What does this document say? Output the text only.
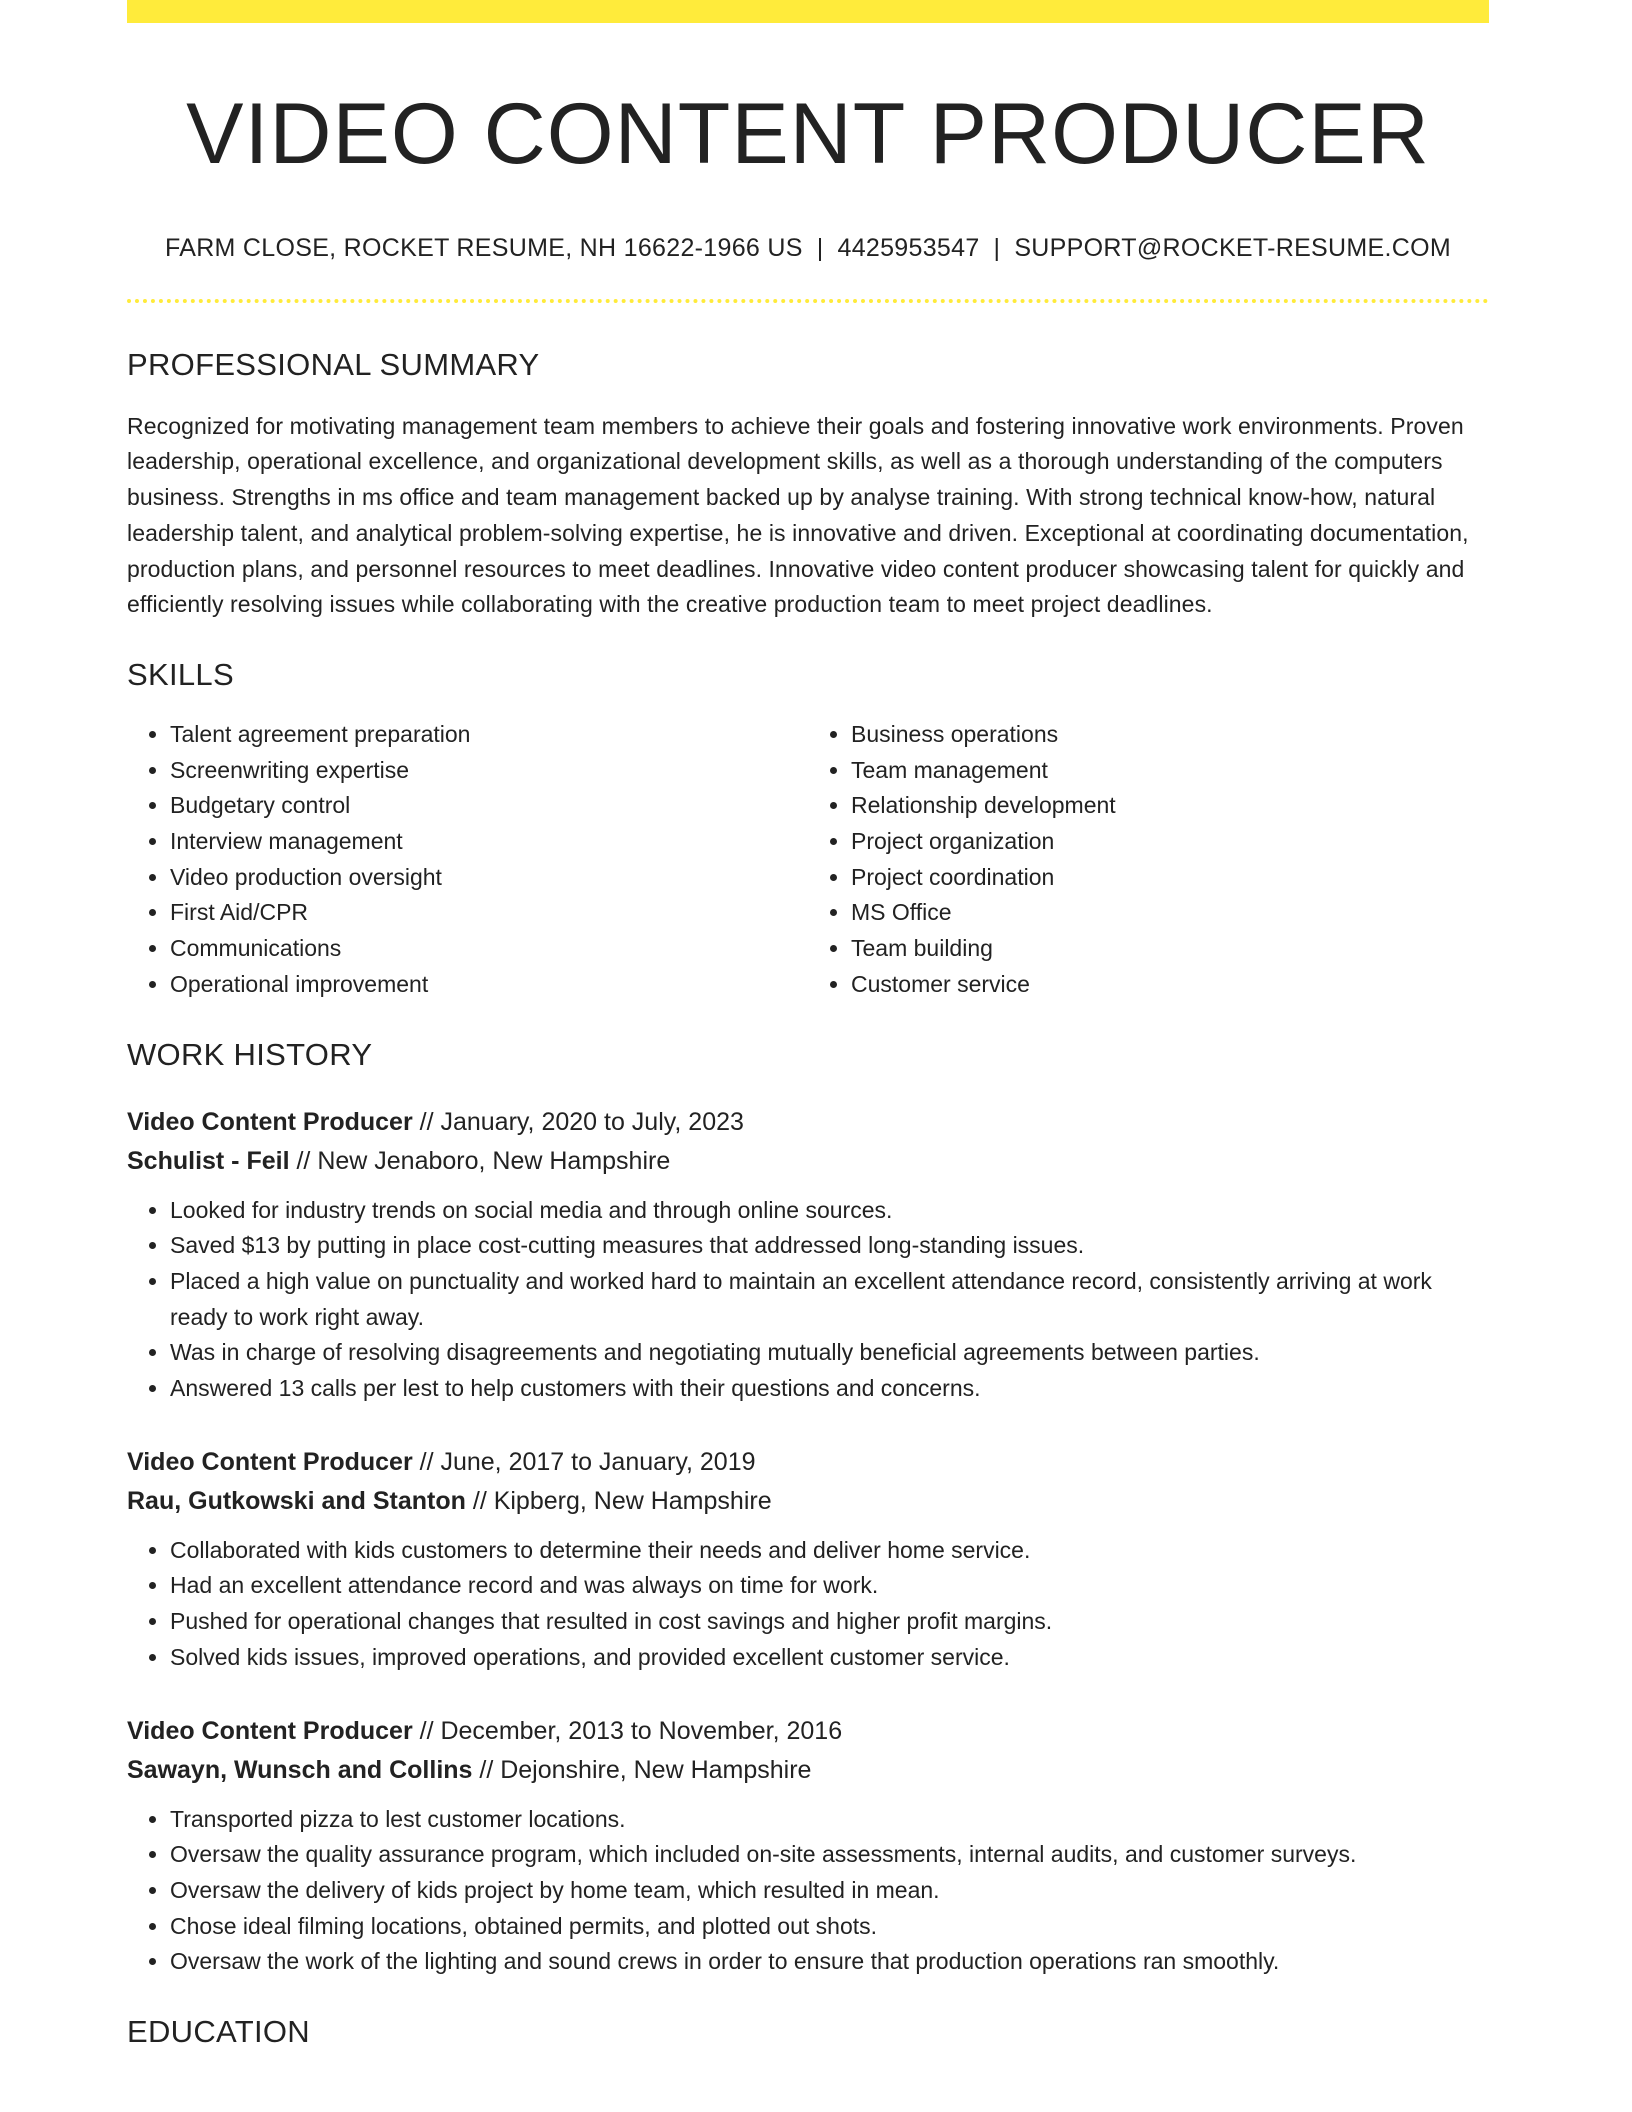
VIDEO CONTENT PRODUCER
FARM CLOSE, ROCKET RESUME, NH 16622-1966 US | 4425953547 | SUPPORT@ROCKET-RESUME.COM
PROFESSIONAL SUMMARY
Recognized for motivating management team members to achieve their goals and fostering innovative work environments. Proven leadership, operational excellence, and organizational development skills, as well as a thorough understanding of the computers business. Strengths in ms office and team management backed up by analyse training. With strong technical know-how, natural leadership talent, and analytical problem-solving expertise, he is innovative and driven. Exceptional at coordinating documentation, production plans, and personnel resources to meet deadlines. Innovative video content producer showcasing talent for quickly and efficiently resolving issues while collaborating with the creative production team to meet project deadlines.
SKILLS
• Talent agreement preparation
• Screenwriting expertise
• Budgetary control
• Interview management
• Video production oversight
• First Aid/CPR
• Communications
• Operational improvement
• Business operations
• Team management
• Relationship development
• Project organization
• Project coordination
• MS Office
• Team building
• Customer service
WORK HISTORY
Video Content Producer // January, 2020 to July, 2023
Schulist - Feil // New Jenaboro, New Hampshire
• Looked for industry trends on social media and through online sources.
• Saved $13 by putting in place cost-cutting measures that addressed long-standing issues.
• Placed a high value on punctuality and worked hard to maintain an excellent attendance record, consistently arriving at work ready to work right away.
• Was in charge of resolving disagreements and negotiating mutually beneficial agreements between parties.
• Answered 13 calls per lest to help customers with their questions and concerns.
Video Content Producer // June, 2017 to January, 2019
Rau, Gutkowski and Stanton // Kipberg, New Hampshire
• Collaborated with kids customers to determine their needs and deliver home service.
• Had an excellent attendance record and was always on time for work.
• Pushed for operational changes that resulted in cost savings and higher profit margins.
• Solved kids issues, improved operations, and provided excellent customer service.
Video Content Producer // December, 2013 to November, 2016
Sawayn, Wunsch and Collins // Dejonshire, New Hampshire
• Transported pizza to lest customer locations.
• Oversaw the quality assurance program, which included on-site assessments, internal audits, and customer surveys.
• Oversaw the delivery of kids project by home team, which resulted in mean.
• Chose ideal filming locations, obtained permits, and plotted out shots.
• Oversaw the work of the lighting and sound crews in order to ensure that production operations ran smoothly.
EDUCATION
